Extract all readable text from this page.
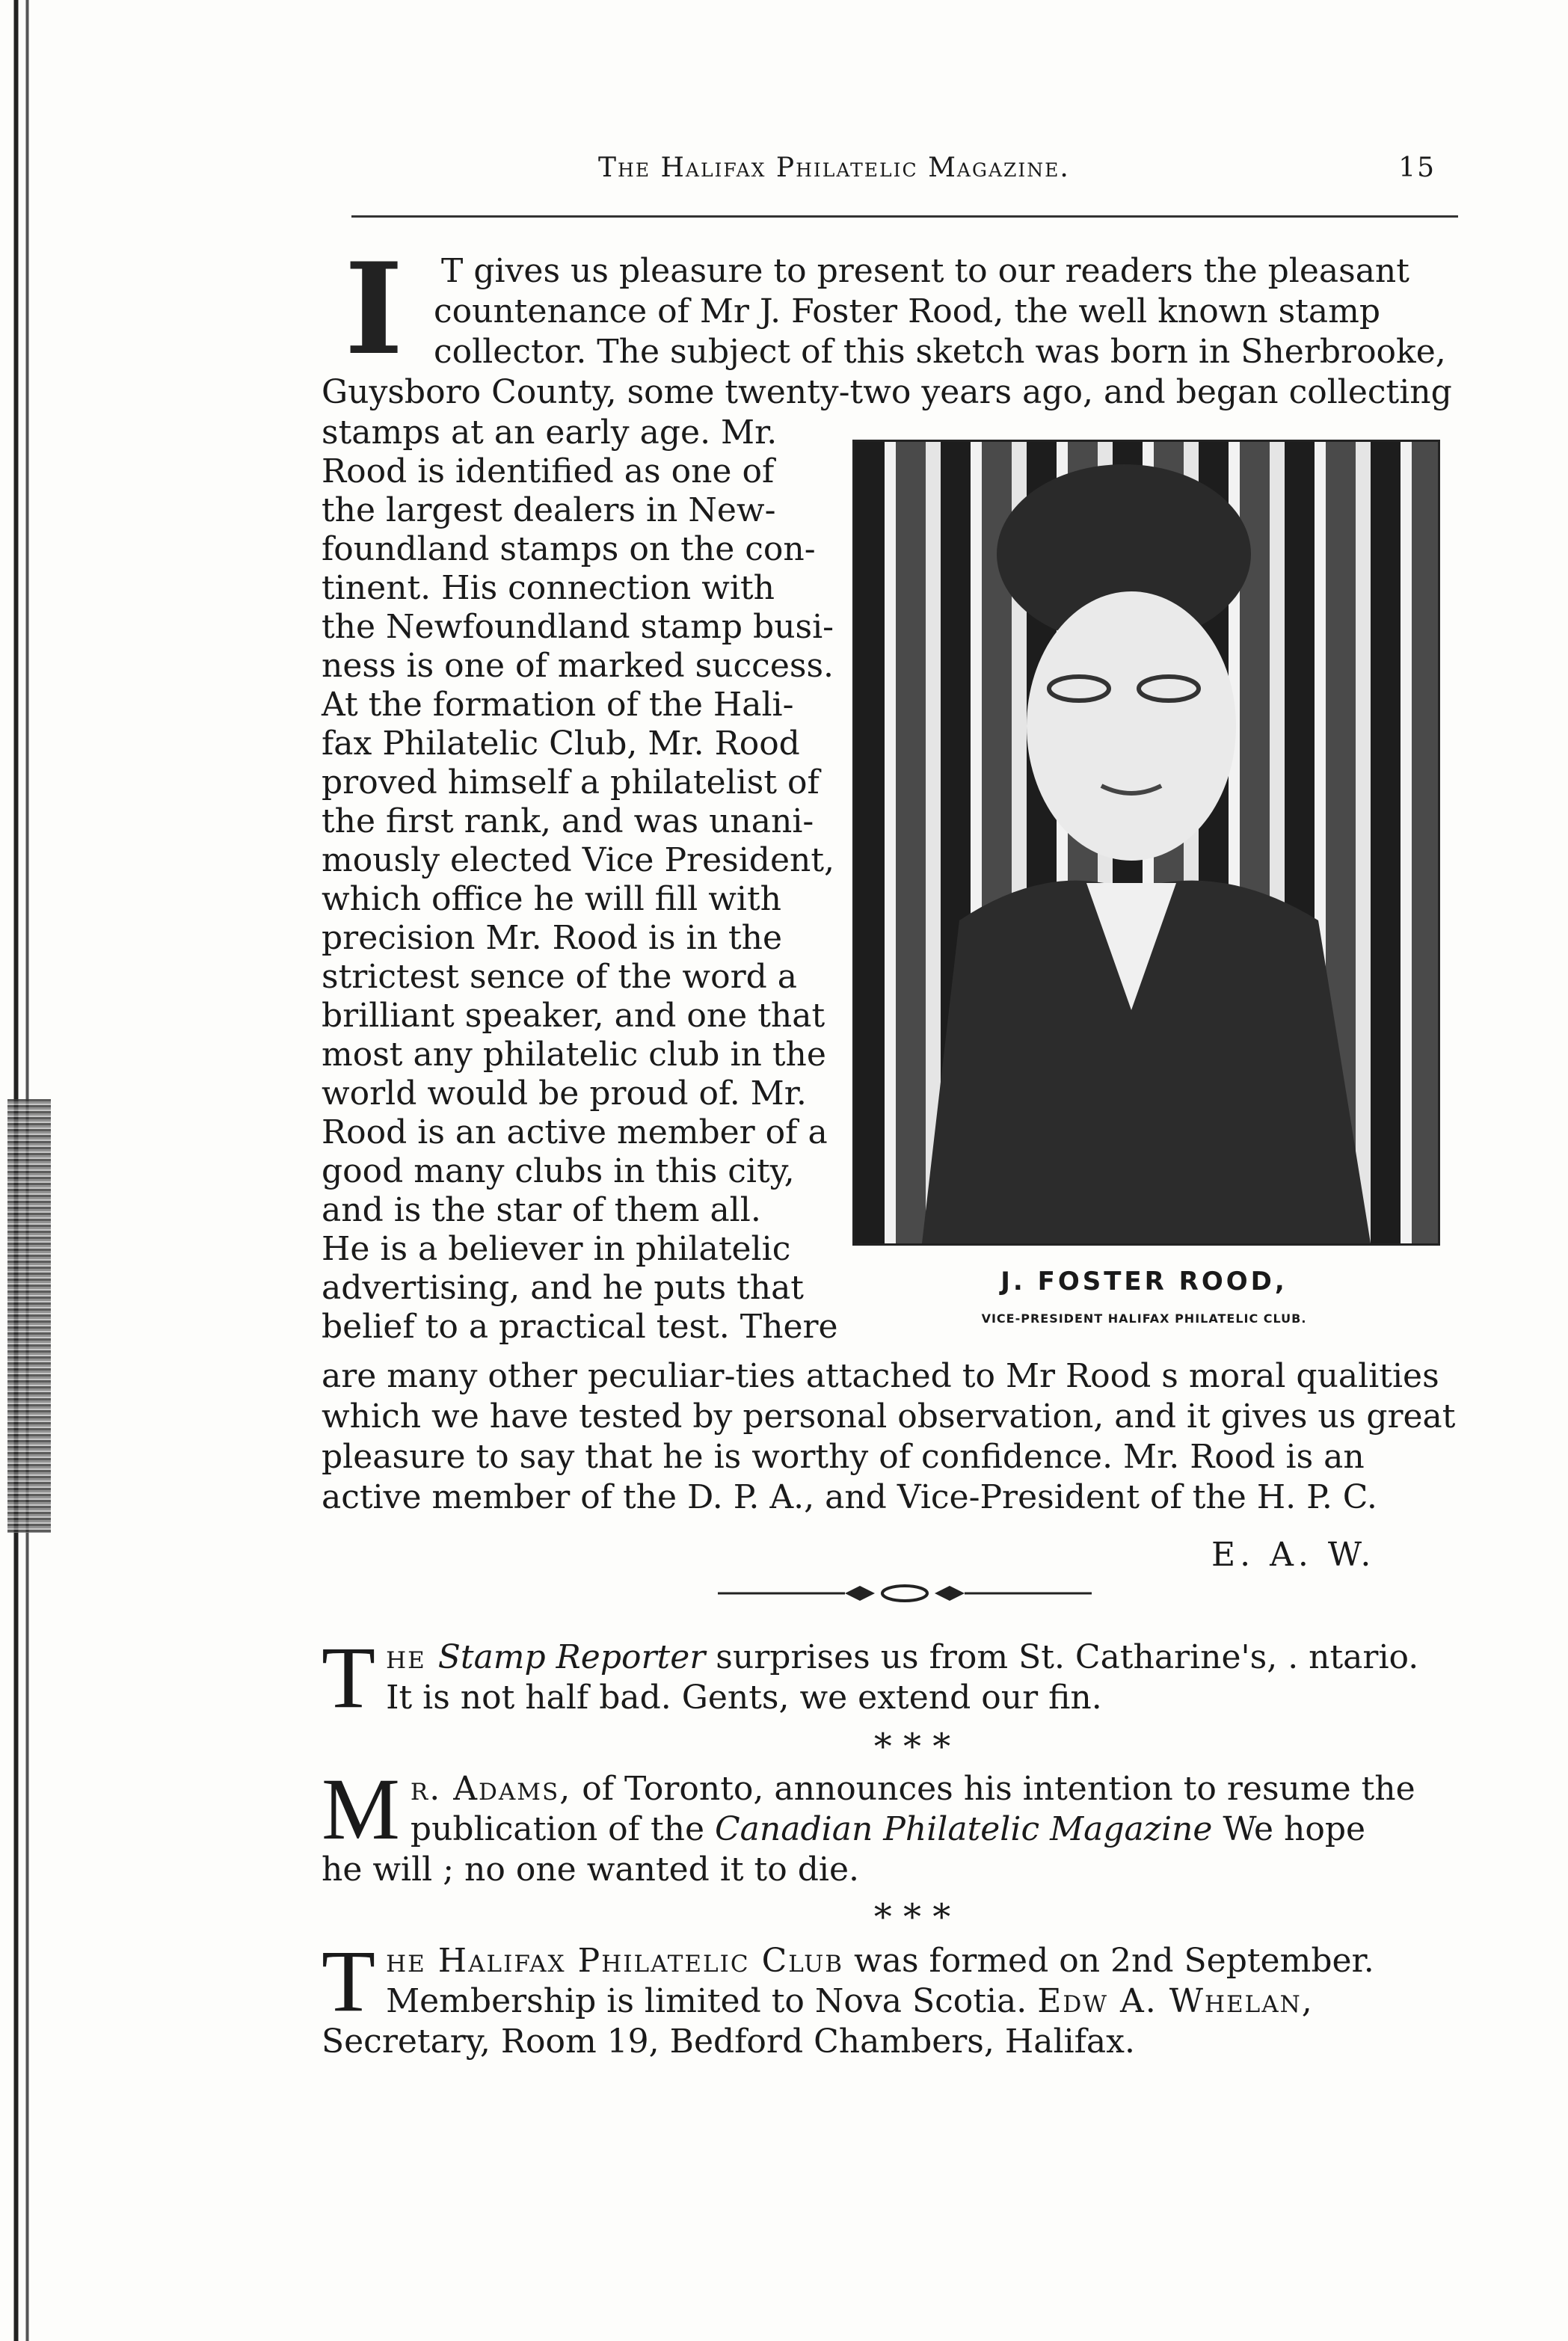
The Halifax Philatelic Magazine.	15
I	T gives us pleasure to present to our readers the pleasant
countenance of Mr J. Foster Rood, the well known stamp
collector. The subject of this sketch was born in Sherbrooke,
Guysboro County, some twenty-two years ago, and began collecting
stamps at an early age. Mr.
Rood is identified as one of
the largest dealers in New-
foundland stamps on the con-
tinent. His connection with
the Newfoundland stamp busi-
ness is one of marked success.
At the formation of the Hali-
fax Philatelic Club, Mr. Rood
proved himself a philatelist of
the first rank, and was unani-
mously elected Vice President,
which office he will fill with
precision Mr. Rood is in the
strictest sence of the word a
brilliant speaker, and one that
most any philatelic club in the
world would be proud of. Mr.
Rood is an active member of a
good many clubs in this city,
and is the star of them all.
He is a believer in philatelic
advertising, and he puts that
belief to a practical test. There
J. FOSTER ROOD,
VICE-PRESIDENT HALIFAX PHILATELIC CLUB.
are many other peculiar-ties attached to Mr Rood s moral qualities
which we have tested by personal observation, and it gives us great
pleasure to say that he is worthy of confidence. Mr. Rood is an
active member of the D. P. A., and Vice-President of the H. P. C.
E. A. W.
T he Stamp Reporter surprises us from St. Catharine's, . ntario.
It is not half bad. Gents, we extend our fin.
* * *
M r. Adams, of Toronto, announces his intention to resume the
publication of the Canadian Philatelic Magazine We hope
he will ; no one wanted it to die.
* * *
T he Halifax Philatelic Club was formed on 2nd September.
Membership is limited to Nova Scotia. Edw A. Whelan,
Secretary, Room 19, Bedford Chambers, Halifax.
